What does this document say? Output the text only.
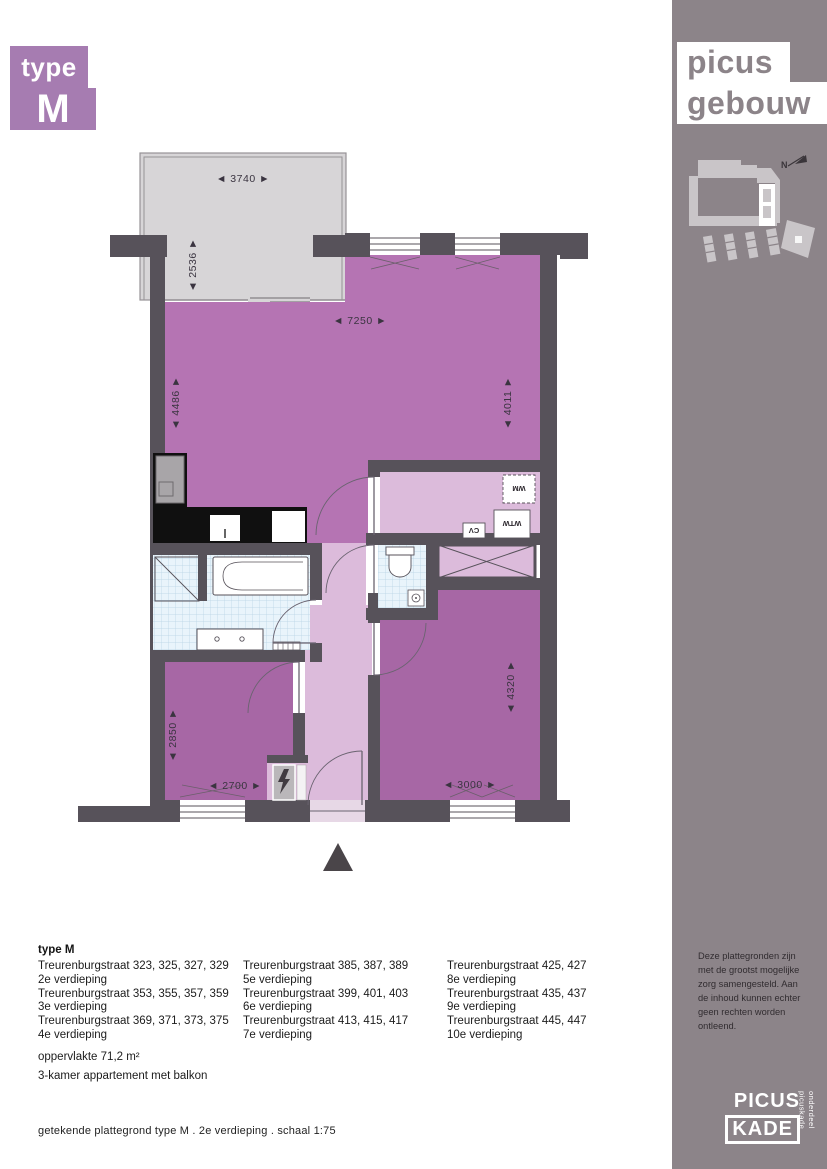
type
M
WM
WTW
CV
◄ 3740 ►
◄ 2536 ►
◄ 7250 ►
◄ 4486 ►	◄ 4011 ►
◄ 4320 ►
◄ 2850 ►
◄ 2700 ►	◄ 3000 ►
picus
gebouw
N

Deze plattegronden zijn met de grootst mogelijke zorg samengesteld. Aan de inhoud kunnen echter geen rechten worden ontleend.

PICUS
KADE
onderdeel
picuskade
type M
Treurenburgstraat 323, 325, 327, 329
2e verdieping
Treurenburgstraat 353, 355, 357, 359
3e verdieping
Treurenburgstraat 369, 371, 373, 375
4e verdieping
Treurenburgstraat 385, 387, 389
5e verdieping
Treurenburgstraat 399, 401, 403
6e verdieping
Treurenburgstraat 413, 415, 417
7e verdieping
Treurenburgstraat 425, 427
8e verdieping
Treurenburgstraat 435, 437
9e verdieping
Treurenburgstraat 445, 447
10e verdieping
oppervlakte 71,2 m²
3-kamer appartement met balkon
getekende plattegrond type M . 2e verdieping . schaal 1:75
